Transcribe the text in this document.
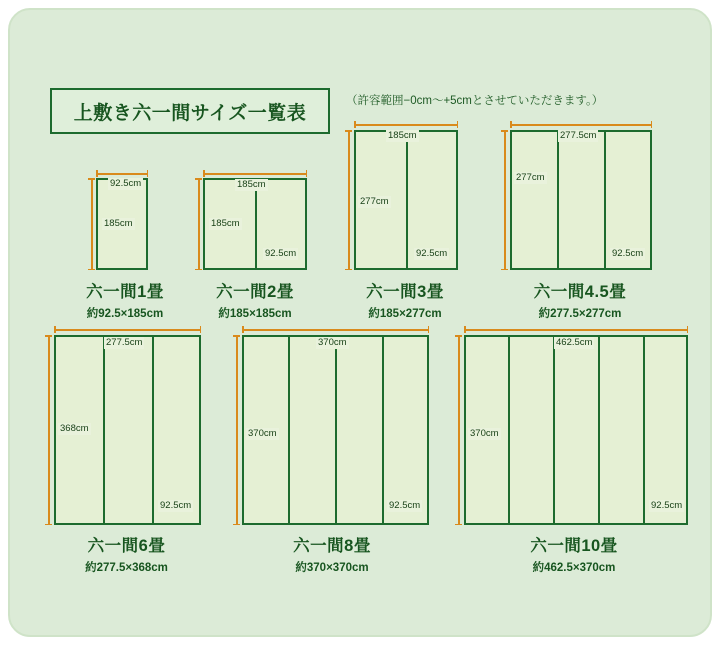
上敷き六一間サイズ一覧表
（許容範囲−0cm〜+5cmとさせていただきます。）
92.5cm
185cm
六一間1畳
約92.5×185cm
185cm
185cm
92.5cm
六一間2畳
約185×185cm
185cm
277cm
92.5cm
六一間3畳
約185×277cm
277.5cm
277cm
92.5cm
六一間4.5畳
約277.5×277cm
277.5cm
368cm
92.5cm
六一間6畳
約277.5×368cm
370cm
370cm
92.5cm
六一間8畳
約370×370cm
462.5cm
370cm
92.5cm
六一間10畳
約462.5×370cm
